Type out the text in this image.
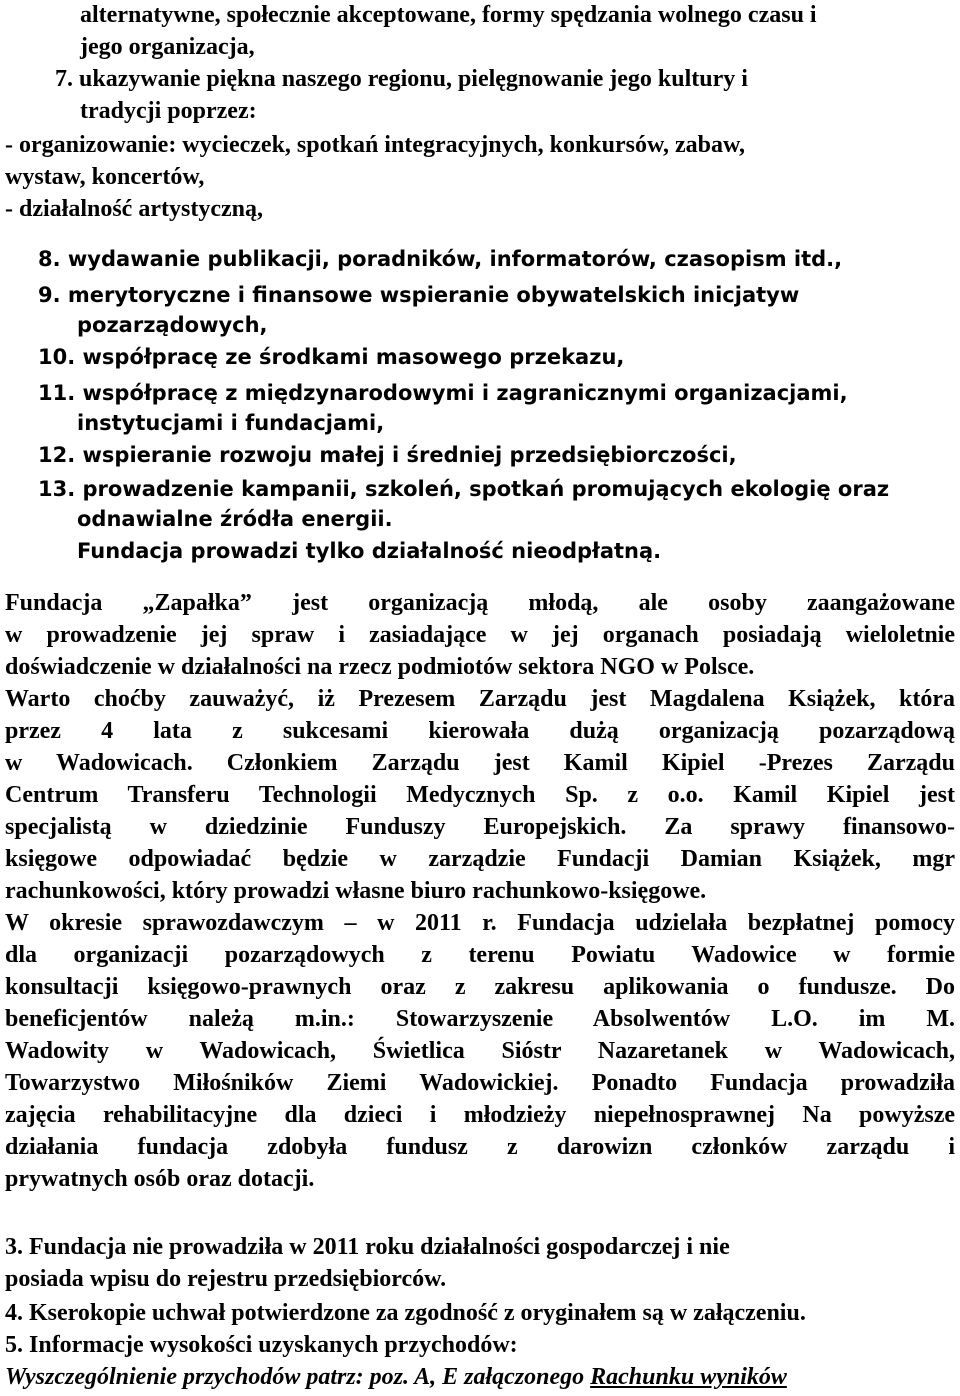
alternatywne, społecznie akceptowane, formy spędzania wolnego czasu i
jego organizacja,
7. ukazywanie piękna naszego regionu, pielęgnowanie jego kultury i
tradycji poprzez:
- organizowanie: wycieczek, spotkań integracyjnych, konkursów, zabaw,
wystaw, koncertów,
- działalność artystyczną,
8. wydawanie publikacji, poradników, informatorów, czasopism itd.,
9. merytoryczne i finansowe wspieranie obywatelskich inicjatyw
pozarządowych,
10. współpracę ze środkami masowego przekazu,
11. współpracę z międzynarodowymi i zagranicznymi organizacjami,
instytucjami i fundacjami,
12. wspieranie rozwoju małej i średniej przedsiębiorczości,
13. prowadzenie kampanii, szkoleń, spotkań promujących ekologię oraz
odnawialne źródła energii.
Fundacja prowadzi tylko działalność nieodpłatną.
Fundacja „Zapałka” jest organizacją młodą, ale osoby zaangażowane
w prowadzenie jej spraw i zasiadające w jej organach posiadają wieloletnie
doświadczenie w działalności na rzecz podmiotów sektora NGO w Polsce.
Warto choćby zauważyć, iż Prezesem Zarządu jest Magdalena Książek, która
przez 4 lata z sukcesami kierowała dużą organizacją pozarządową
w Wadowicach. Członkiem Zarządu jest Kamil Kipiel -Prezes Zarządu
Centrum Transferu Technologii Medycznych Sp. z o.o. Kamil Kipiel jest
specjalistą w dziedzinie Funduszy Europejskich. Za sprawy finansowo-
księgowe odpowiadać będzie w zarządzie Fundacji Damian Książek, mgr
rachunkowości, który prowadzi własne biuro rachunkowo-księgowe.
W okresie sprawozdawczym – w 2011 r. Fundacja udzielała bezpłatnej pomocy
dla organizacji pozarządowych z terenu Powiatu Wadowice w formie
konsultacji księgowo-prawnych oraz z zakresu aplikowania o fundusze. Do
beneficjentów należą m.in.: Stowarzyszenie Absolwentów L.O. im M.
Wadowity w Wadowicach, Świetlica Sióstr Nazaretanek w Wadowicach,
Towarzystwo Miłośników Ziemi Wadowickiej. Ponadto Fundacja prowadziła
zajęcia rehabilitacyjne dla dzieci i młodzieży niepełnosprawnej Na powyższe
działania fundacja zdobyła fundusz z darowizn członków zarządu i
prywatnych osób oraz dotacji.
3. Fundacja nie prowadziła w 2011 roku działalności gospodarczej i nie
posiada wpisu do rejestru przedsiębiorców.
4. Kserokopie uchwał potwierdzone za zgodność z oryginałem są w załączeniu.
5. Informacje wysokości uzyskanych przychodów:
Wyszczególnienie przychodów patrz: poz. A, E załączonego Rachunku wyników
